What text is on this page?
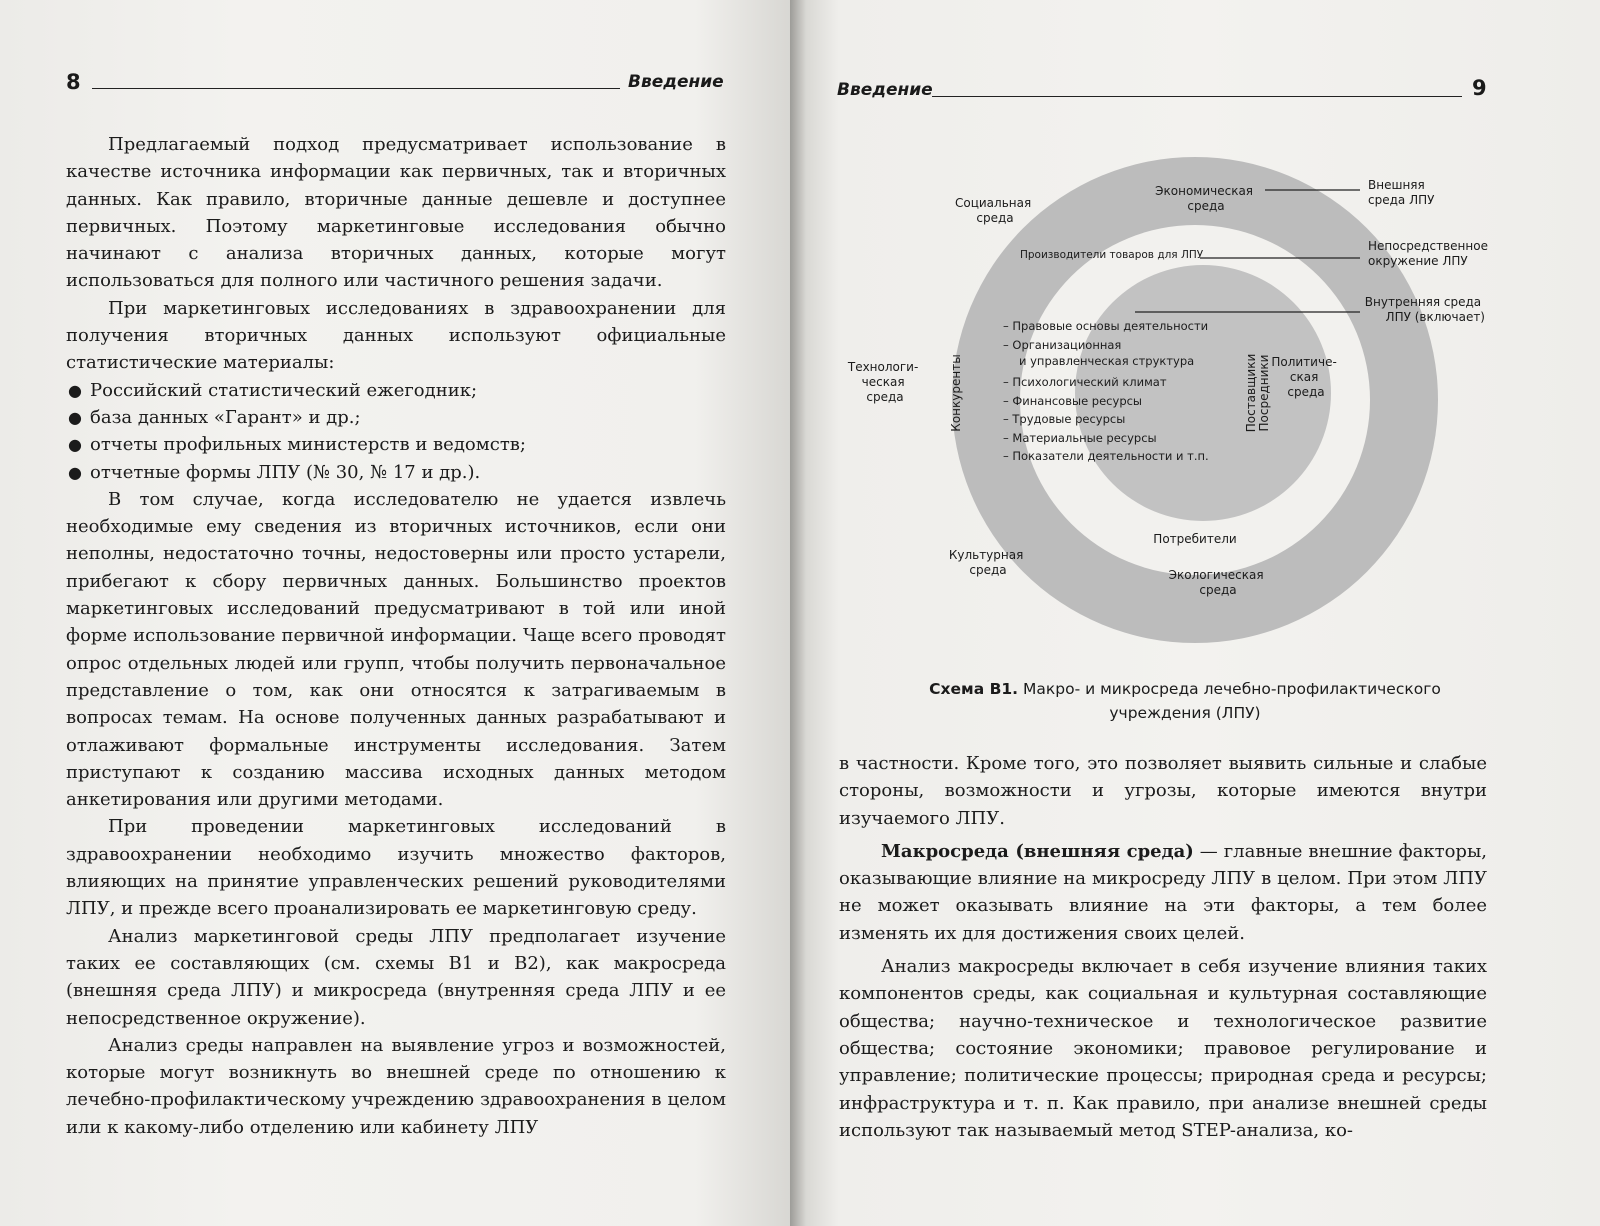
8	Введение

Предлагаемый подход предусматривает использование в качестве источника информации как первичных, так и вторичных данных. Как правило, вторичные данные дешевле и доступнее первичных. Поэтому маркетинговые исследования обычно начинают с анализа вторичных данных, которые могут использоваться для полного или частичного решения задачи.

При маркетинговых исследованиях в здравоохранении для получения вторичных данных используют официальные статистические материалы:

● Российский статистический ежегодник;
● база данных «Гарант» и др.;
● отчеты профильных министерств и ведомств;
● отчетные формы ЛПУ (№ 30, № 17 и др.).

В том случае, когда исследователю не удается извлечь необходимые ему сведения из вторичных источников, если они неполны, недостаточно точны, недостоверны или просто устарели, прибегают к сбору первичных данных. Большинство проектов маркетинговых исследований предусматривают в той или иной форме использование первичной информации. Чаще всего проводят опрос отдельных людей или групп, чтобы получить первоначальное представление о том, как они относятся к затрагиваемым в вопросах темам. На основе полученных данных разрабатывают и отлаживают формальные инструменты исследования. Затем приступают к созданию массива исходных данных методом анкетирования или другими методами.

При проведении маркетинговых исследований в здравоохранении необходимо изучить множество факторов, влияющих на принятие управленческих решений руководителями ЛПУ, и прежде всего проанализировать ее маркетинговую среду.

Анализ маркетинговой среды ЛПУ предполагает изучение таких ее составляющих (см. схемы В1 и В2), как макросреда (внешняя среда ЛПУ) и микросреда (внутренняя среда ЛПУ и ее непосредственное окружение).

Анализ среды направлен на выявление угроз и возможностей, которые могут возникнуть во внешней среде по отношению к лечебно-профилактическому учреждению здравоохранения в целом или к какому-либо отделению или кабинету ЛПУ

Введение	9
Социальная среда
Экономическая среда
Технологи- ческая среда
Политиче- ская среда
Культурная среда	Экологическая среда
Производители товаров для ЛПУ
Конкуренты	Поставщики Посредники
Потребители
– Правовые основы деятельности
– Организационная
и управленческая структура
– Психологический климат
– Финансовые ресурсы
– Трудовые ресурсы
– Материальные ресурсы
– Показатели деятельности и т.п.
Внешняя среда ЛПУ
Непосредственное окружение ЛПУ
Внутренняя среда ЛПУ (включает)
Схема В1. Макро- и микросреда лечебно-профилактического
учреждения (ЛПУ)

в частности. Кроме того, это позволяет выявить сильные и слабые стороны, возможности и угрозы, которые имеются внутри изучаемого ЛПУ.

Макросреда (внешняя среда) — главные внешние факторы, оказывающие влияние на микросреду ЛПУ в целом. При этом ЛПУ не может оказывать влияние на эти факторы, а тем более изменять их для достижения своих целей.

Анализ макросреды включает в себя изучение влияния таких компонентов среды, как социальная и культурная составляющие общества; научно-техническое и технологическое развитие общества; состояние экономики; правовое регулирование и управление; политические процессы; природная среда и ресурсы; инфраструктура и т. п. Как правило, при анализе внешней среды используют так называемый метод STEP-анализа, ко-
